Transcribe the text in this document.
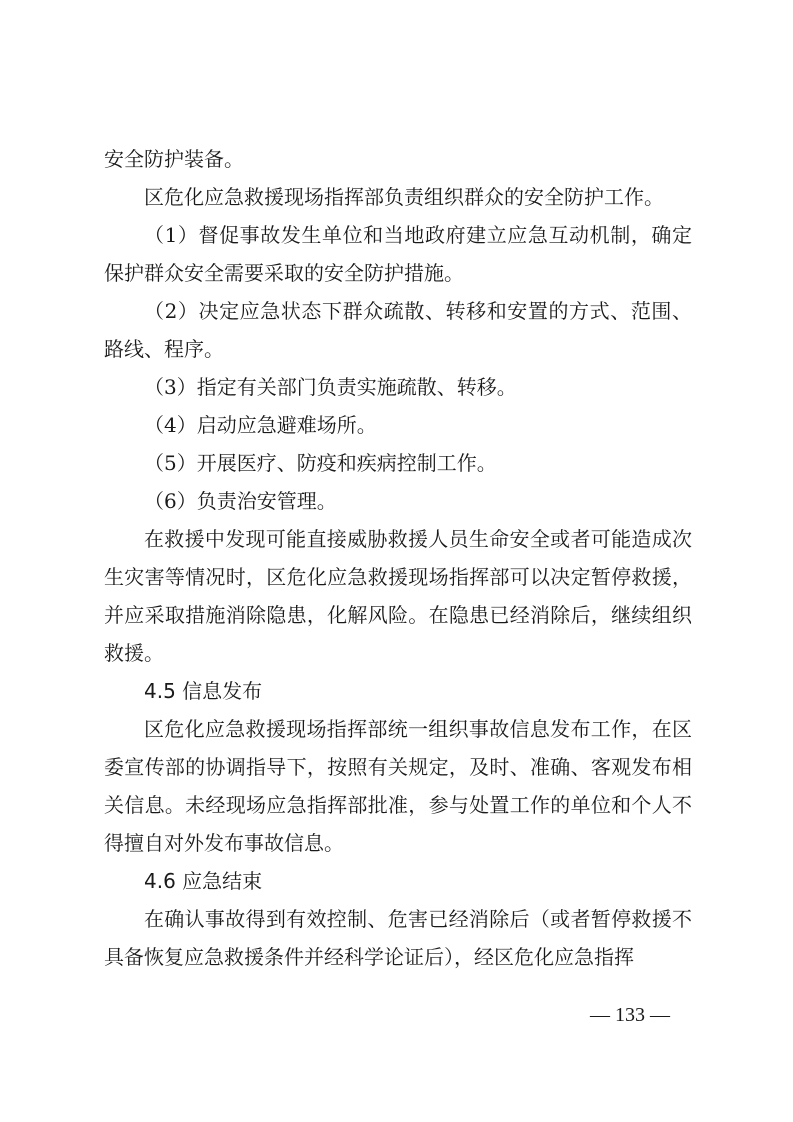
安全防护装备。

区危化应急救援现场指挥部负责组织群众的安全防护工作。

（1）督促事故发生单位和当地政府建立应急互动机制，确定保护群众安全需要采取的安全防护措施。

（2）决定应急状态下群众疏散、转移和安置的方式、范围、路线、程序。

（3）指定有关部门负责实施疏散、转移。

（4）启动应急避难场所。

（5）开展医疗、防疫和疾病控制工作。

（6）负责治安管理。

在救援中发现可能直接威胁救援人员生命安全或者可能造成次生灾害等情况时，区危化应急救援现场指挥部可以决定暂停救援，并应采取措施消除隐患，化解风险。在隐患已经消除后，继续组织救援。

4.5 信息发布

区危化应急救援现场指挥部统一组织事故信息发布工作，在区委宣传部的协调指导下，按照有关规定，及时、准确、客观发布相关信息。未经现场应急指挥部批准，参与处置工作的单位和个人不得擅自对外发布事故信息。

4.6 应急结束

在确认事故得到有效控制、危害已经消除后（或者暂停救援不具备恢复应急救援条件并经科学论证后），经区危化应急指挥

— 133 —
